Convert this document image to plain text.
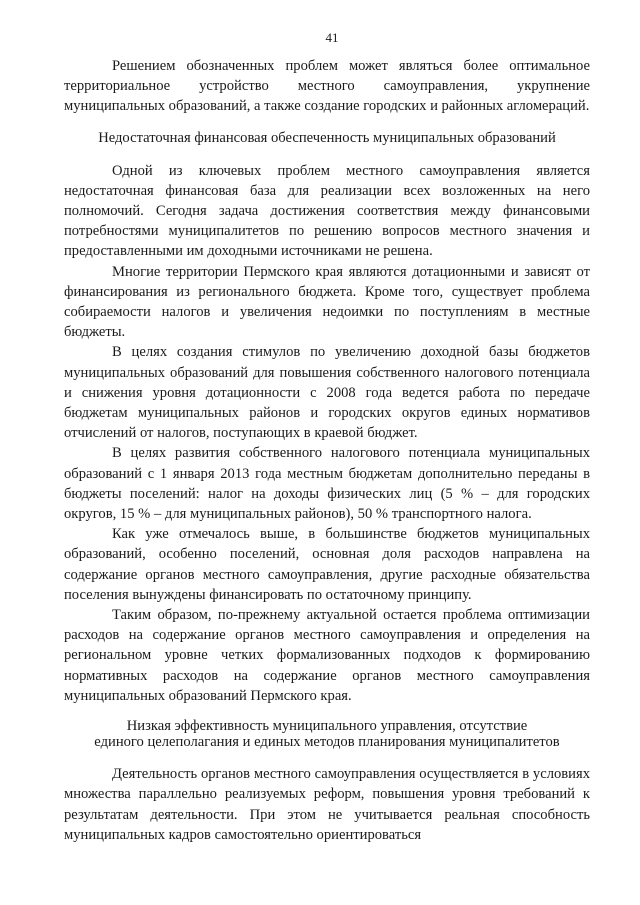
41

Решением обозначенных проблем может являться более оптимальное территориальное устройство местного самоуправления, укрупнение муниципальных образований, а также создание городских и районных агломераций.

Недостаточная финансовая обеспеченность муниципальных образований

Одной из ключевых проблем местного самоуправления является недостаточная финансовая база для реализации всех возложенных на него полномочий. Сегодня задача достижения соответствия между финансовыми потребностями муниципалитетов по решению вопросов местного значения и предоставленными им доходными источниками не решена.

Многие территории Пермского края являются дотационными и зависят от финансирования из регионального бюджета. Кроме того, существует проблема собираемости налогов и увеличения недоимки по поступлениям в местные бюджеты.

В целях создания стимулов по увеличению доходной базы бюджетов муниципальных образований для повышения собственного налогового потенциала и снижения уровня дотационности с 2008 года ведется работа по передаче бюджетам муниципальных районов и городских округов единых нормативов отчислений от налогов, поступающих в краевой бюджет.

В целях развития собственного налогового потенциала муниципальных образований с 1 января 2013 года местным бюджетам дополнительно переданы в бюджеты поселений: налог на доходы физических лиц (5 % – для городских округов, 15 % – для муниципальных районов), 50 % транспортного налога.

Как уже отмечалось выше, в большинстве бюджетов муниципальных образований, особенно поселений, основная доля расходов направлена на содержание органов местного самоуправления, другие расходные обязательства поселения вынуждены финансировать по остаточному принципу.

Таким образом, по-прежнему актуальной остается проблема оптимизации расходов на содержание органов местного самоуправления и определения на региональном уровне четких формализованных подходов к формированию нормативных расходов на содержание органов местного самоуправления муниципальных образований Пермского края.

Низкая эффективность муниципального управления, отсутствие
единого целеполагания и единых методов планирования муниципалитетов

Деятельность органов местного самоуправления осуществляется в условиях множества параллельно реализуемых реформ, повышения уровня требований к результатам деятельности. При этом не учитывается реальная способность муниципальных кадров самостоятельно ориентироваться
